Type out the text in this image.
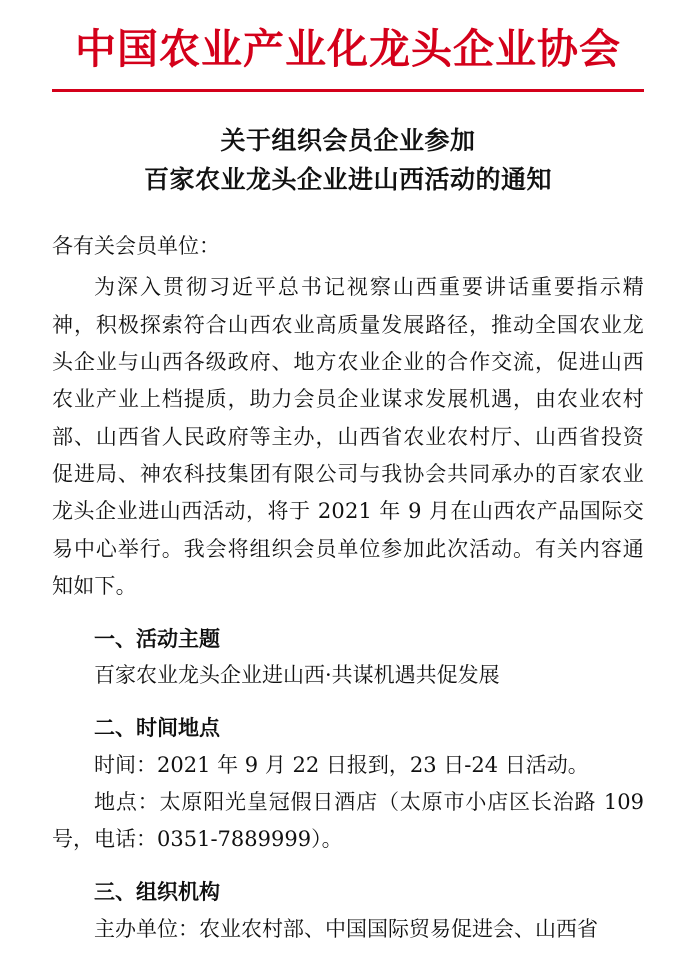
中国农业产业化龙头企业协会
关于组织会员企业参加
百家农业龙头企业进山西活动的通知
各有关会员单位：

为深入贯彻习近平总书记视察山西重要讲话重要指示精神，积极探索符合山西农业高质量发展路径，推动全国农业龙头企业与山西各级政府、地方农业企业的合作交流，促进山西农业产业上档提质，助力会员企业谋求发展机遇，由农业农村部、山西省人民政府等主办，山西省农业农村厅、山西省投资促进局、神农科技集团有限公司与我协会共同承办的百家农业龙头企业进山西活动，将于 2021 年 9 月在山西农产品国际交易中心举行。我会将组织会员单位参加此次活动。有关内容通知如下。

一、活动主题

百家农业龙头企业进山西·共谋机遇共促发展

二、时间地点

时间：2021 年 9 月 22 日报到，23 日-24 日活动。

地点：太原阳光皇冠假日酒店（太原市小店区长治路 109 号，电话：0351-7889999）。

三、组织机构

主办单位：农业农村部、中国国际贸易促进会、山西省
